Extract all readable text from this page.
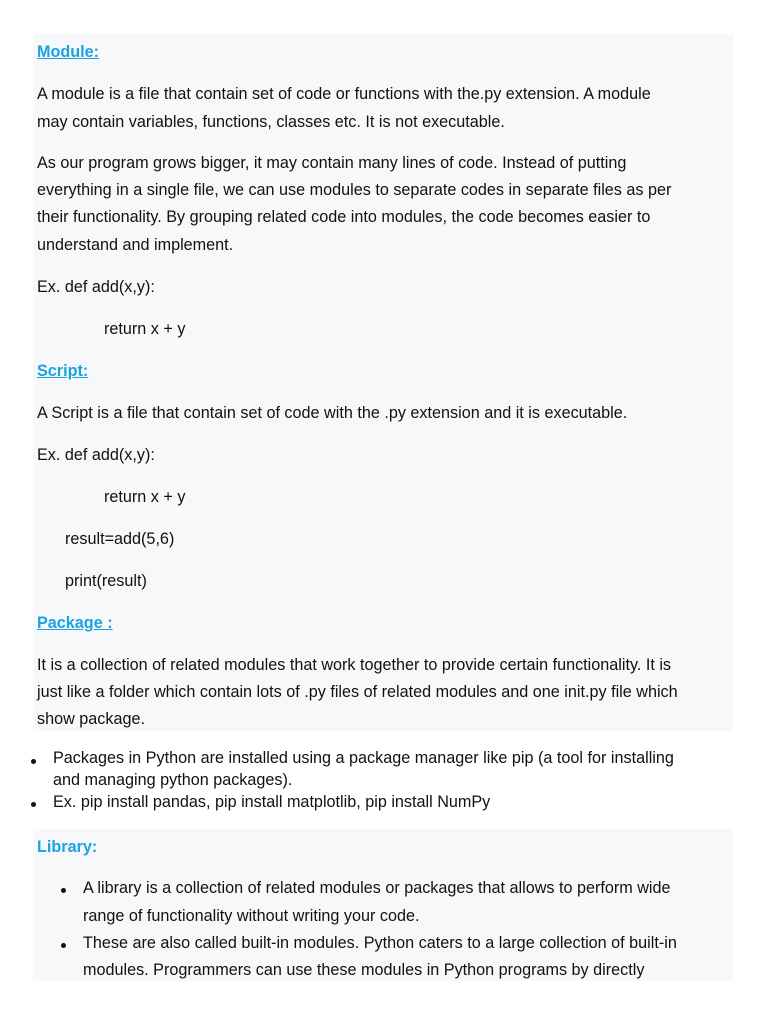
Module:
A module is a file that contain set of code or functions with the.py extension. A module
may contain variables, functions, classes etc. It is not executable.
As our program grows bigger, it may contain many lines of code. Instead of putting
everything in a single file, we can use modules to separate codes in separate files as per
their functionality. By grouping related code into modules, the code becomes easier to
understand and implement.
Ex. def add(x,y):
return x + y
Script:
A Script is a file that contain set of code with the .py extension and it is executable.
Ex. def add(x,y):
return x + y
result=add(5,6)
print(result)
Package :
It is a collection of related modules that work together to provide certain functionality. It is
just like a folder which contain lots of .py files of related modules and one init.py file which
show package.
Packages in Python are installed using a package manager like pip (a tool for installing
and managing python packages).
Ex. pip install pandas, pip install matplotlib, pip install NumPy
Library:
A library is a collection of related modules or packages that allows to perform wide
range of functionality without writing your code.
These are also called built-in modules. Python caters to a large collection of built-in
modules. Programmers can use these modules in Python programs by directly
